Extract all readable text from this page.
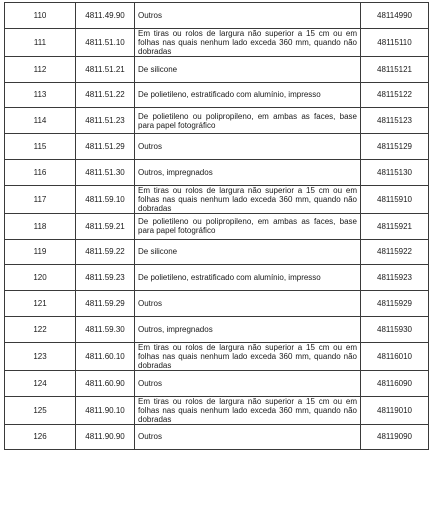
110	4811.49.90	Outros	48114990
111	4811.51.10	Em tiras ou rolos de largura não superior a 15 cm ou em folhas nas quais nenhum lado exceda 360 mm, quando não dobradas	48115110
112	4811.51.21	De silicone	48115121
113	4811.51.22	De polietileno, estratificado com alumínio, impresso	48115122
114	4811.51.23	De polietileno ou polipropileno, em ambas as faces, base para papel fotográfico	48115123
115	4811.51.29	Outros	48115129
116	4811.51.30	Outros, impregnados	48115130
117	4811.59.10	Em tiras ou rolos de largura não superior a 15 cm ou em folhas nas quais nenhum lado exceda 360 mm, quando não dobradas	48115910
118	4811.59.21	De polietileno ou polipropileno, em ambas as faces, base para papel fotográfico	48115921
119	4811.59.22	De silicone	48115922
120	4811.59.23	De polietileno, estratificado com alumínio, impresso	48115923
121	4811.59.29	Outros	48115929
122	4811.59.30	Outros, impregnados	48115930
123	4811.60.10	Em tiras ou rolos de largura não superior a 15 cm ou em folhas nas quais nenhum lado exceda 360 mm, quando não dobradas	48116010
124	4811.60.90	Outros	48116090
125	4811.90.10	Em tiras ou rolos de largura não superior a 15 cm ou em folhas nas quais nenhum lado exceda 360 mm, quando não dobradas	48119010
126	4811.90.90	Outros	48119090
